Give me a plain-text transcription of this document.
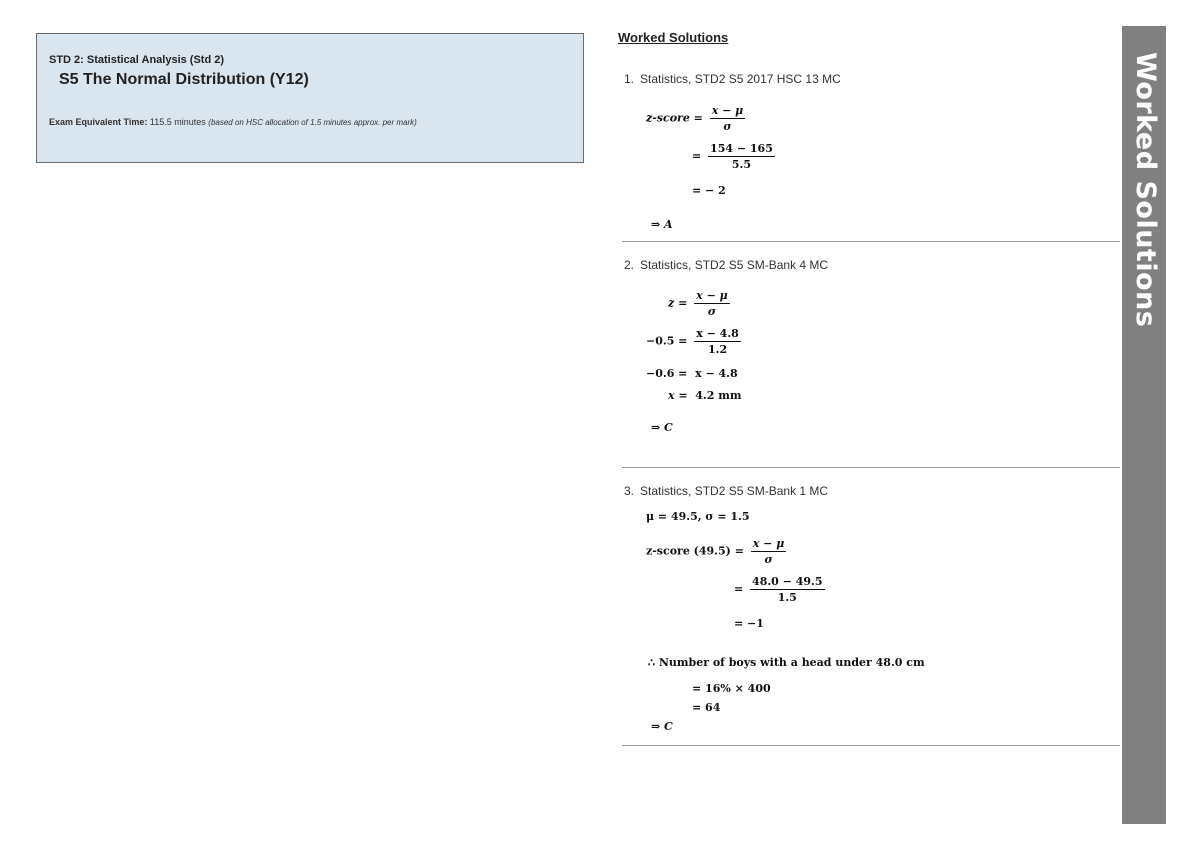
STD 2: Statistical Analysis (Std 2)
S5 The Normal Distribution (Y12)
Exam Equivalent Time: 115.5 minutes (based on HSC allocation of 1.5 minutes approx. per mark)
Worked Solutions
1. Statistics, STD2 S5 2017 HSC 13 MC
z-score = $\frac{x - \mu}{\sigma}$
= $\frac{154 - 165}{5.5}$
= − 2
⇒ A
2. Statistics, STD2 S5 SM-Bank 4 MC
$z = \frac{x - \mu}{\sigma}$
$-0.5 = \frac{x - 4.8}{1.2}$
−0.6 = x − 4.8
x = 4.2 mm
⇒ C
3. Statistics, STD2 S5 SM-Bank 1 MC
μ = 49.5, σ = 1.5
z-score $(49.5) = \frac{x - \mu}{\sigma}$
= $\frac{48.0 - 49.5}{1.5}$
= −1
∴ Number of boys with a head under 48.0 cm
= 16% × 400
= 64
⇒ C
Worked Solutions
